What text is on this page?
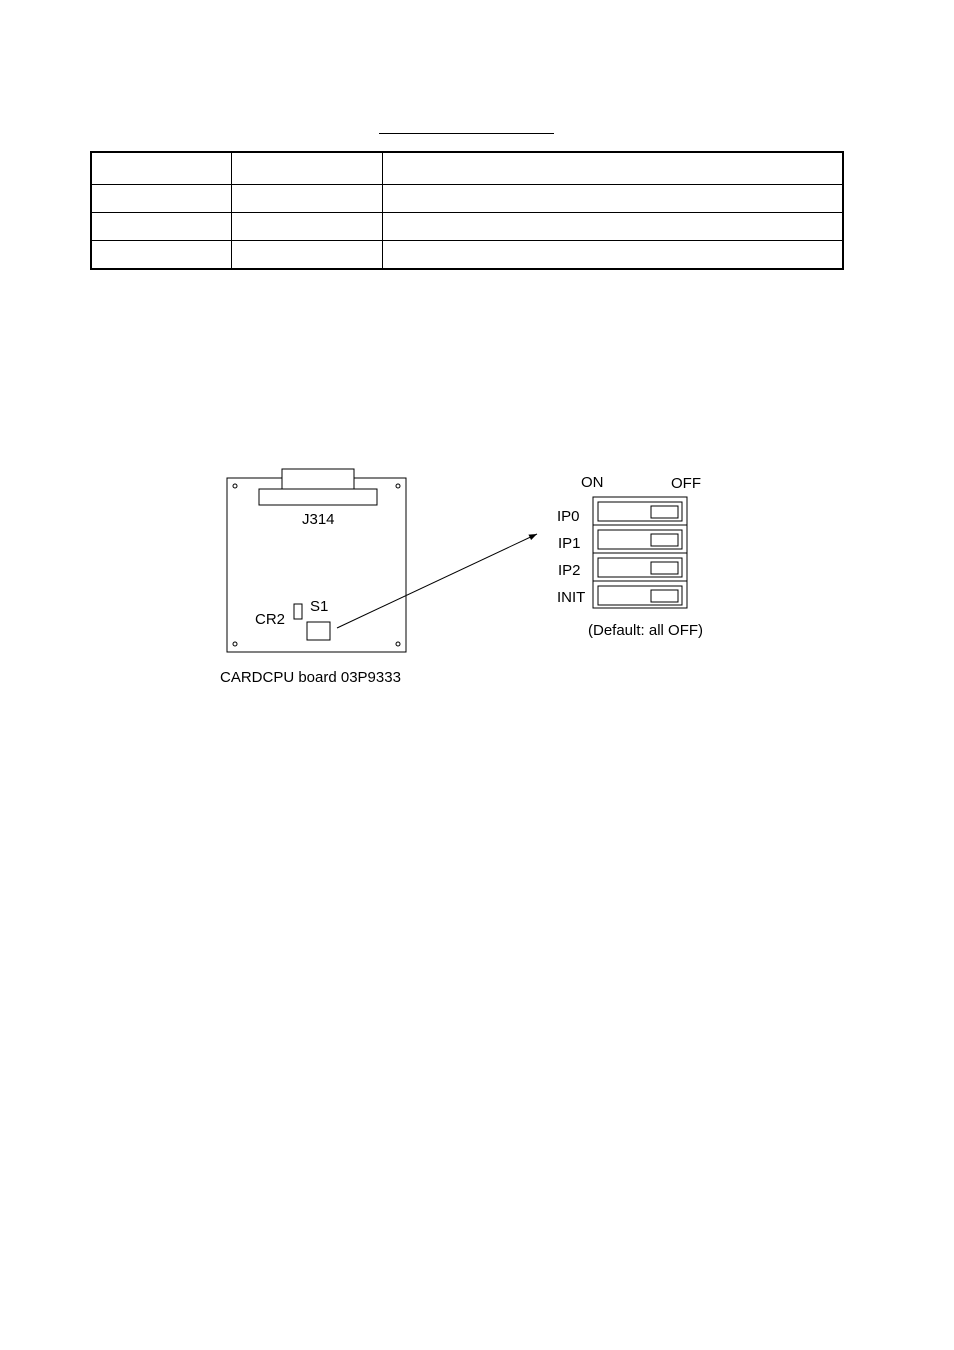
J314
CR2
S1
CARDCPU board 03P9333
ON	OFF
IP0
IP1
IP2
INIT
(Default: all OFF)
